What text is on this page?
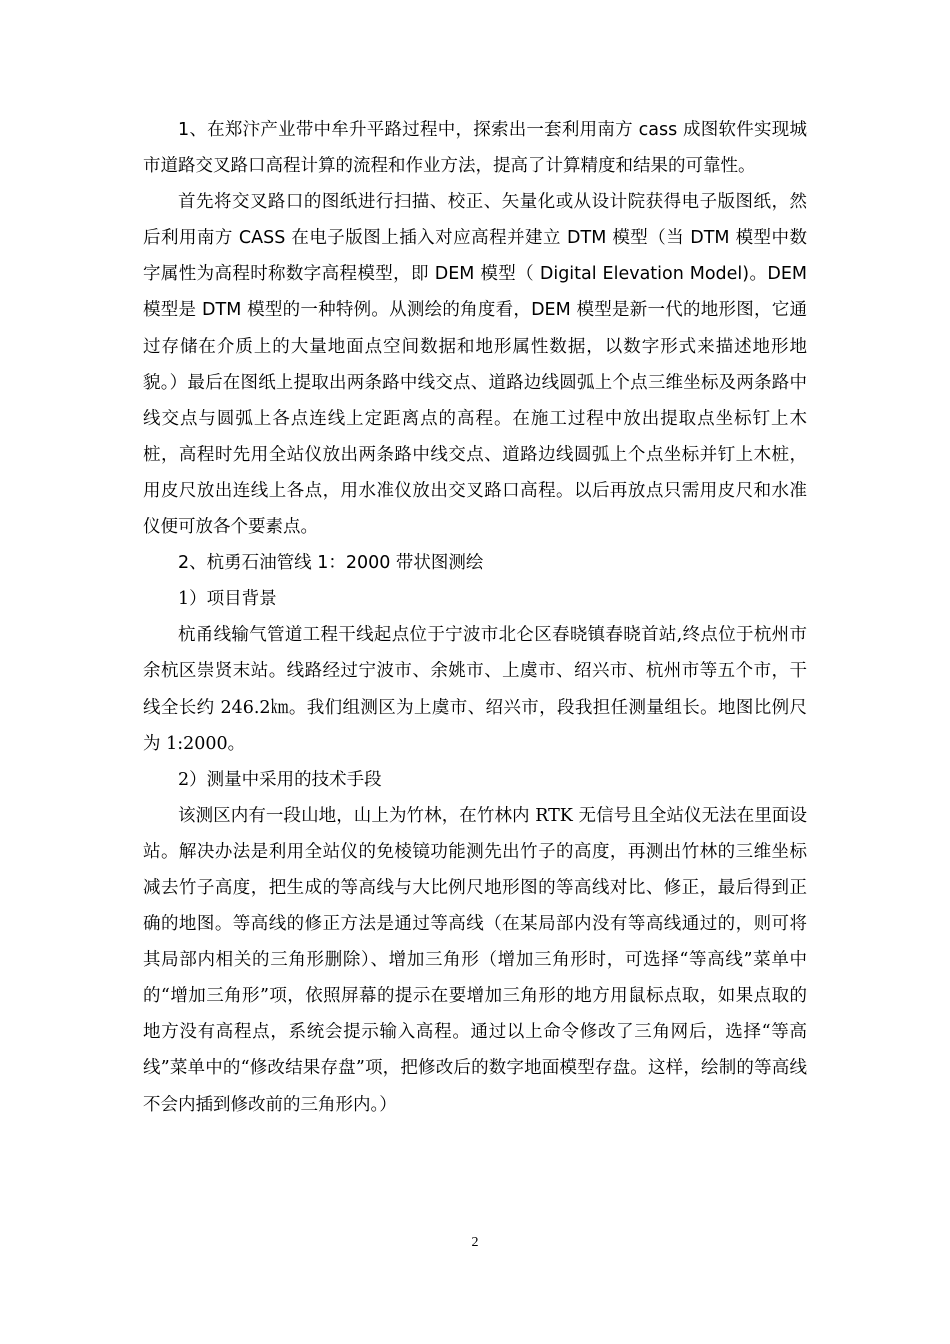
1、在郑汴产业带中牟升平路过程中，探索出一套利用南方 cass 成图软件实现城市道路交叉路口高程计算的流程和作业方法，提高了计算精度和结果的可靠性。

首先将交叉路口的图纸进行扫描、校正、矢量化或从设计院获得电子版图纸，然后利用南方 CASS 在电子版图上插入对应高程并建立 DTM 模型（当 DTM 模型中数字属性为高程时称数字高程模型，即 DEM 模型（ Digital Elevation Model)。DEM 模型是 DTM 模型的一种特例。从测绘的角度看，DEM 模型是新一代的地形图，它通过存储在介质上的大量地面点空间数据和地形属性数据，以数字形式来描述地形地貌。）最后在图纸上提取出两条路中线交点、道路边线圆弧上个点三维坐标及两条路中线交点与圆弧上各点连线上定距离点的高程。在施工过程中放出提取点坐标钉上木桩，高程时先用全站仪放出两条路中线交点、道路边线圆弧上个点坐标并钉上木桩，用皮尺放出连线上各点，用水准仪放出交叉路口高程。以后再放点只需用皮尺和水准仪便可放各个要素点。

2、杭勇石油管线 1：2000 带状图测绘

1）项目背景

杭甬线输气管道工程干线起点位于宁波市北仑区春晓镇春晓首站,终点位于杭州市余杭区崇贤末站。线路经过宁波市、余姚市、上虞市、绍兴市、杭州市等五个市，干线全长约 246.2㎞。我们组测区为上虞市、绍兴市，段我担任测量组长。地图比例尺为 1:2000。

2）测量中采用的技术手段

该测区内有一段山地，山上为竹林，在竹林内 RTK 无信号且全站仪无法在里面设站。解决办法是利用全站仪的免棱镜功能测先出竹子的高度，再测出竹林的三维坐标减去竹子高度，把生成的等高线与大比例尺地形图的等高线对比、修正，最后得到正确的地图。等高线的修正方法是通过等高线（在某局部内没有等高线通过的，则可将其局部内相关的三角形删除）、增加三角形（增加三角形时，可选择“等高线”菜单中的“增加三角形”项，依照屏幕的提示在要增加三角形的地方用鼠标点取，如果点取的地方没有高程点，系统会提示输入高程。通过以上命令修改了三角网后，选择“等高线”菜单中的“修改结果存盘”项，把修改后的数字地面模型存盘。这样，绘制的等高线不会内插到修改前的三角形内。）

2
